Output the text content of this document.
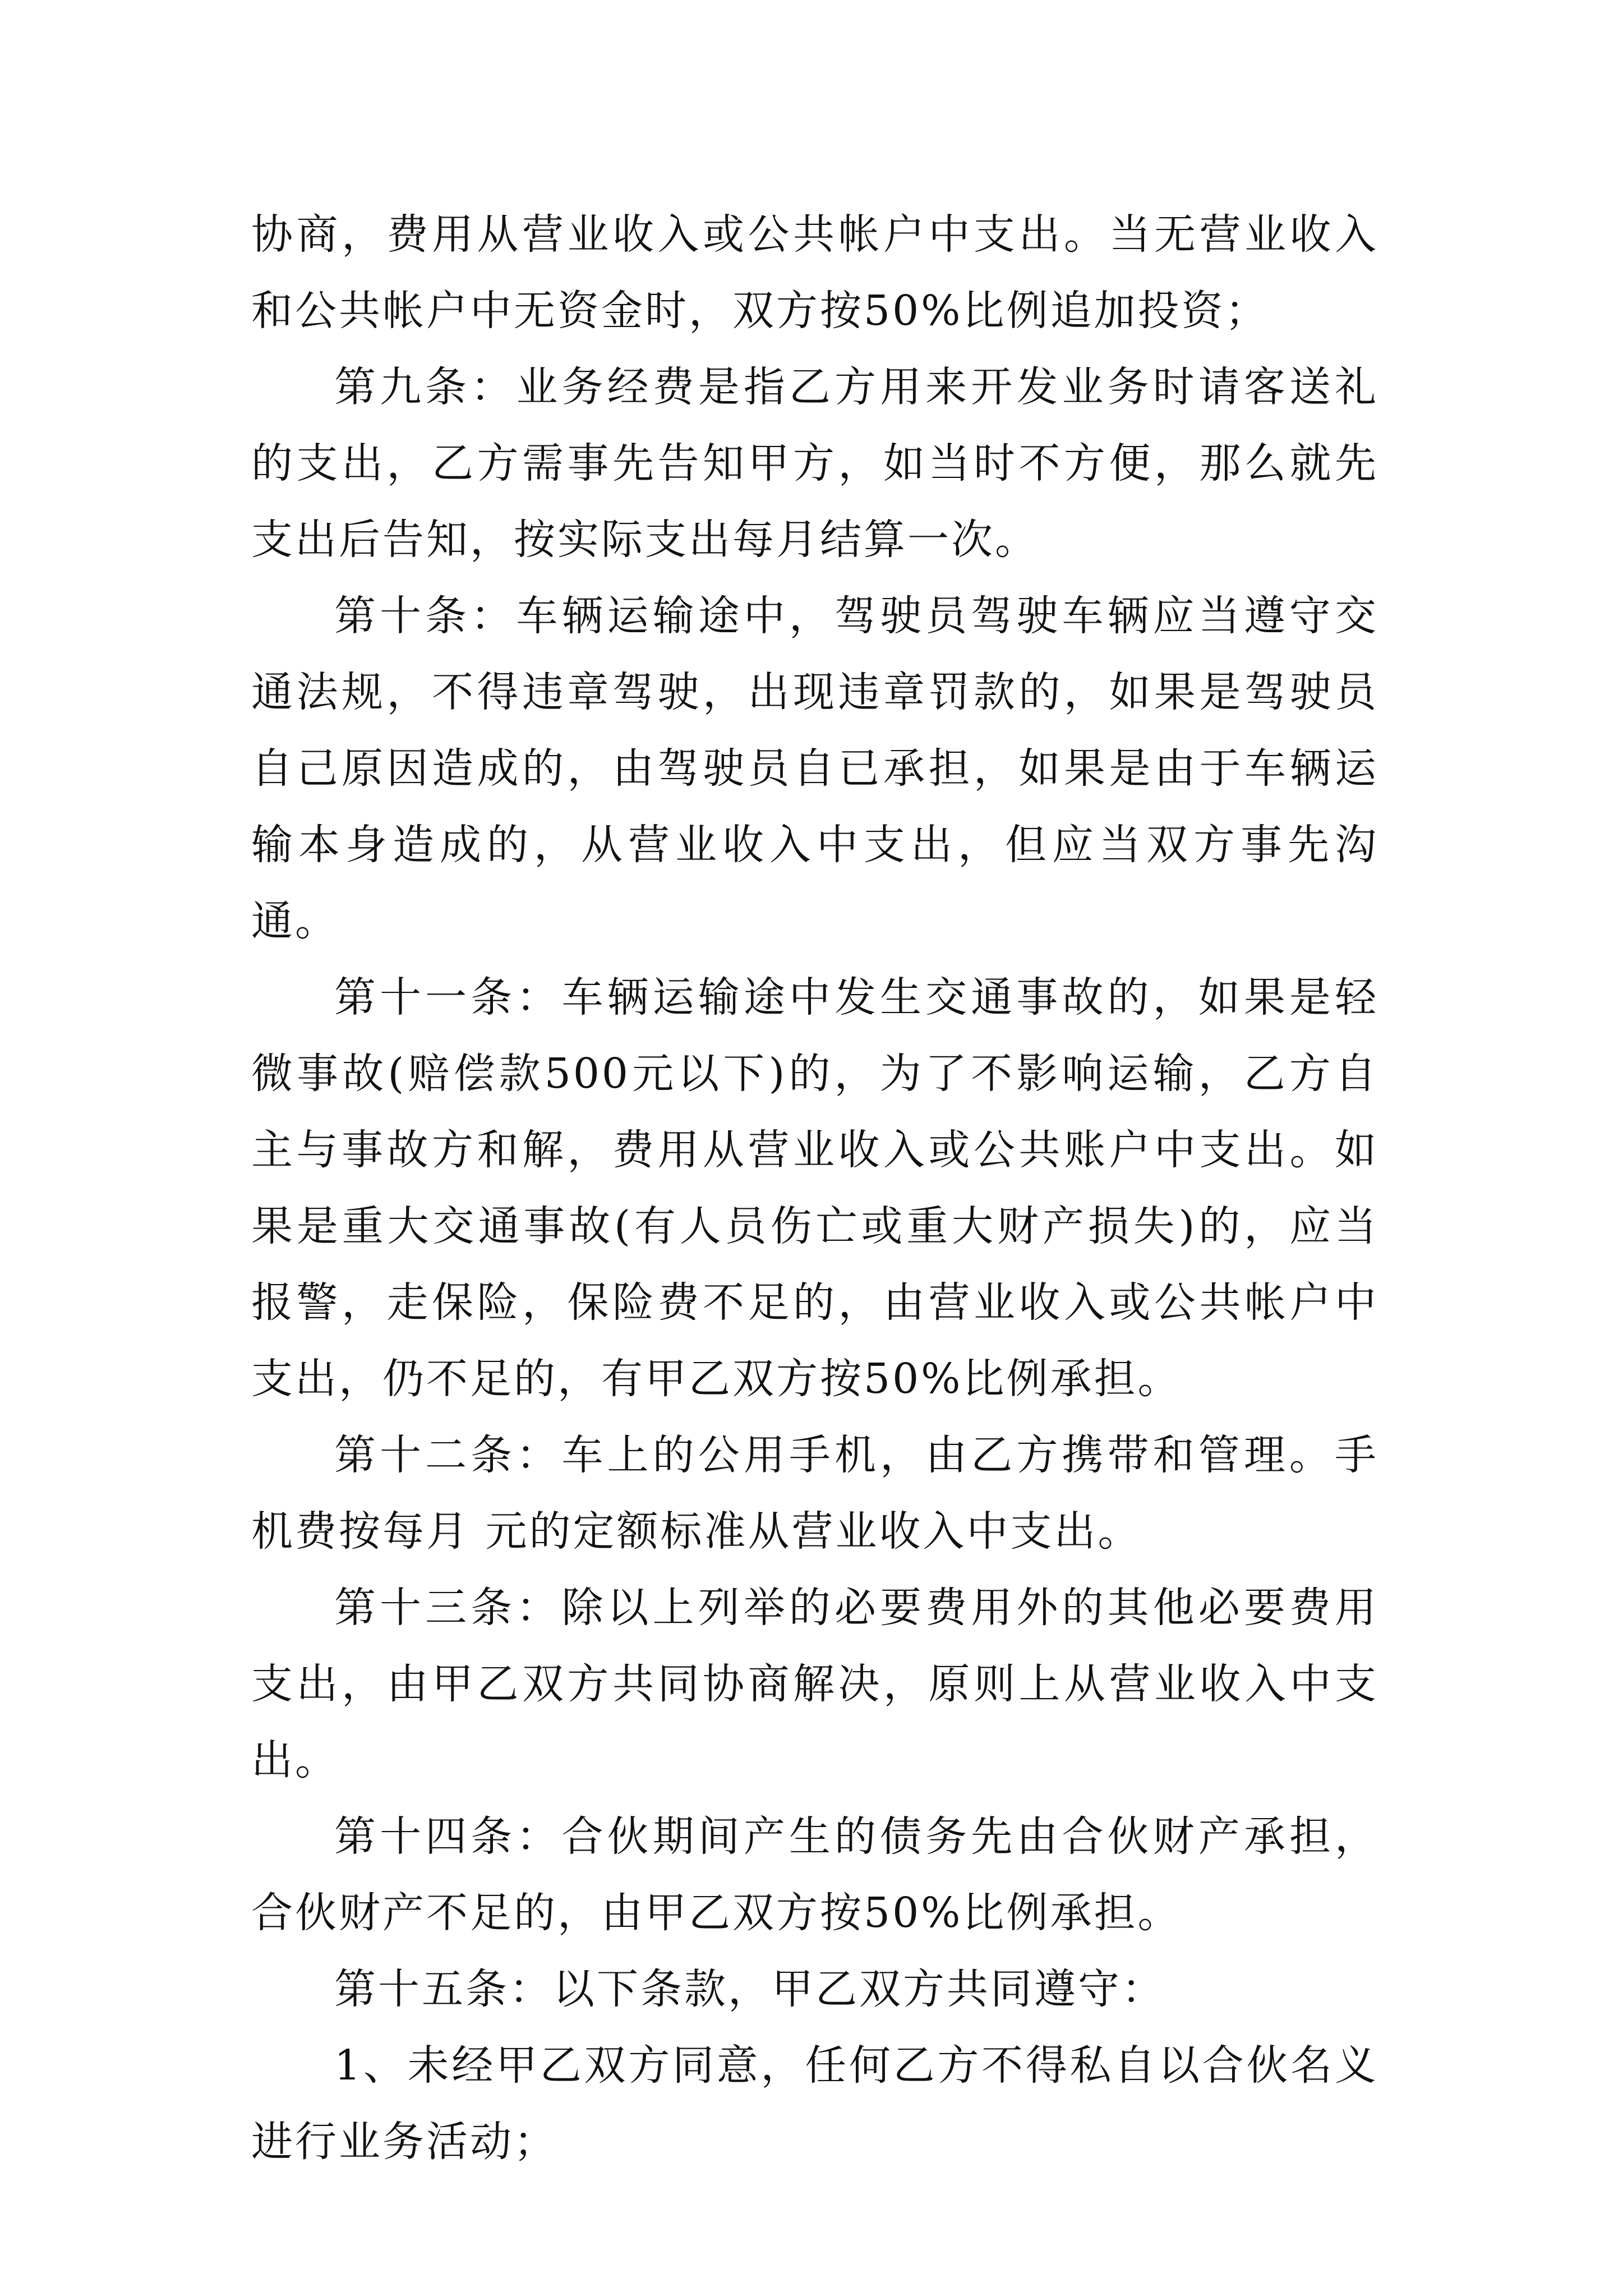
协商，费用从营业收入或公共帐户中支出。当无营业收入和公共帐户中无资金时，双方按50%比例追加投资；

第九条：业务经费是指乙方用来开发业务时请客送礼的支出，乙方需事先告知甲方，如当时不方便，那么就先支出后告知，按实际支出每月结算一次。

第十条：车辆运输途中，驾驶员驾驶车辆应当遵守交通法规，不得违章驾驶，出现违章罚款的，如果是驾驶员自己原因造成的，由驾驶员自已承担，如果是由于车辆运输本身造成的，从营业收入中支出，但应当双方事先沟通。

第十一条：车辆运输途中发生交通事故的，如果是轻微事故(赔偿款500元以下)的，为了不影响运输，乙方自主与事故方和解，费用从营业收入或公共账户中支出。如果是重大交通事故(有人员伤亡或重大财产损失)的，应当报警，走保险，保险费不足的，由营业收入或公共帐户中支出，仍不足的，有甲乙双方按50%比例承担。

第十二条：车上的公用手机，由乙方携带和管理。手机费按每月 元的定额标准从营业收入中支出。

第十三条：除以上列举的必要费用外的其他必要费用支出，由甲乙双方共同协商解决，原则上从营业收入中支出。

第十四条：合伙期间产生的债务先由合伙财产承担，合伙财产不足的，由甲乙双方按50%比例承担。

第十五条：以下条款，甲乙双方共同遵守：

1、未经甲乙双方同意，任何乙方不得私自以合伙名义进行业务活动；
